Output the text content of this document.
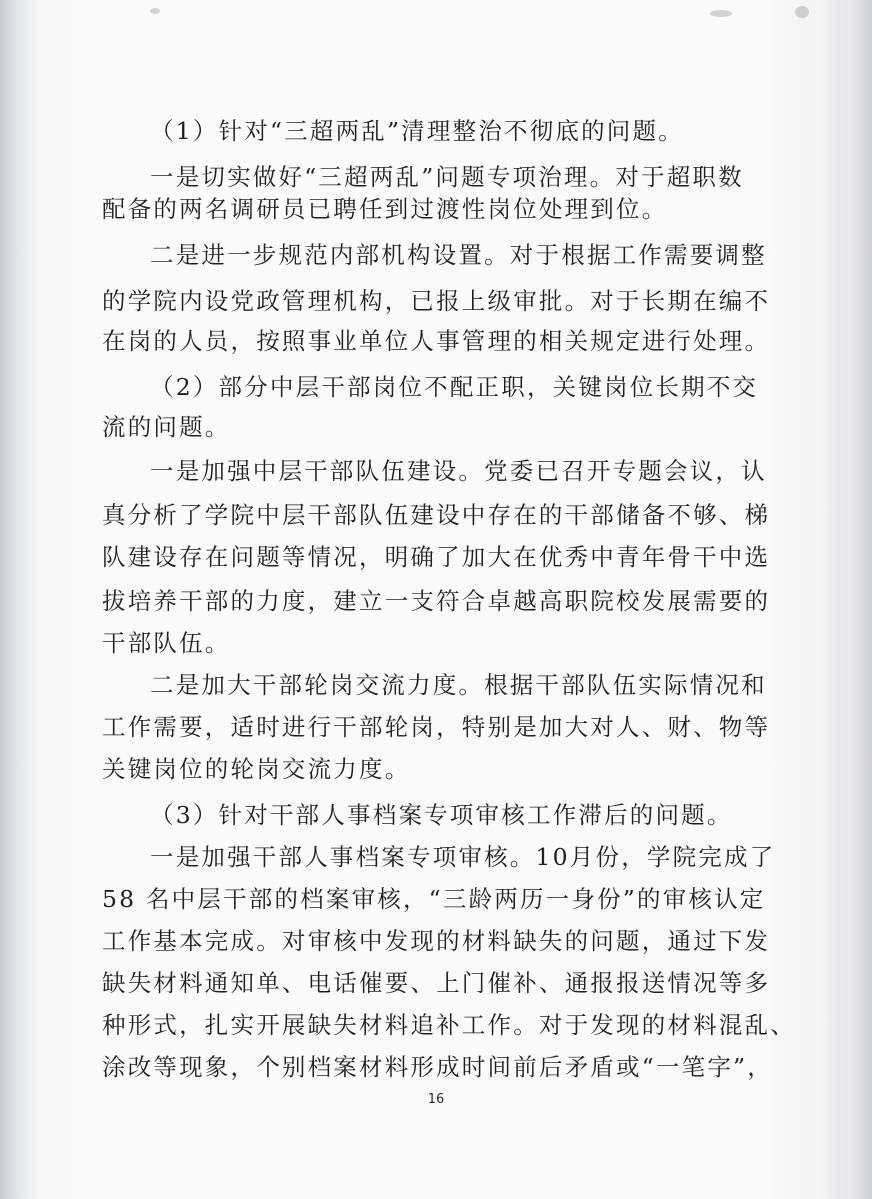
（1）针对“三超两乱”清理整治不彻底的问题。
一是切实做好“三超两乱”问题专项治理。对于超职数
配备的两名调研员已聘任到过渡性岗位处理到位。
二是进一步规范内部机构设置。对于根据工作需要调整
的学院内设党政管理机构，已报上级审批。对于长期在编不
在岗的人员，按照事业单位人事管理的相关规定进行处理。
（2）部分中层干部岗位不配正职，关键岗位长期不交
流的问题。
一是加强中层干部队伍建设。党委已召开专题会议，认
真分析了学院中层干部队伍建设中存在的干部储备不够、梯
队建设存在问题等情况，明确了加大在优秀中青年骨干中选
拔培养干部的力度，建立一支符合卓越高职院校发展需要的
干部队伍。
二是加大干部轮岗交流力度。根据干部队伍实际情况和
工作需要，适时进行干部轮岗，特别是加大对人、财、物等
关键岗位的轮岗交流力度。
（3）针对干部人事档案专项审核工作滞后的问题。
一是加强干部人事档案专项审核。10月份，学院完成了
58 名中层干部的档案审核，“三龄两历一身份”的审核认定
工作基本完成。对审核中发现的材料缺失的问题，通过下发
缺失材料通知单、电话催要、上门催补、通报报送情况等多
种形式，扎实开展缺失材料追补工作。对于发现的材料混乱、
涂改等现象，个别档案材料形成时间前后矛盾或“一笔字”，
16
